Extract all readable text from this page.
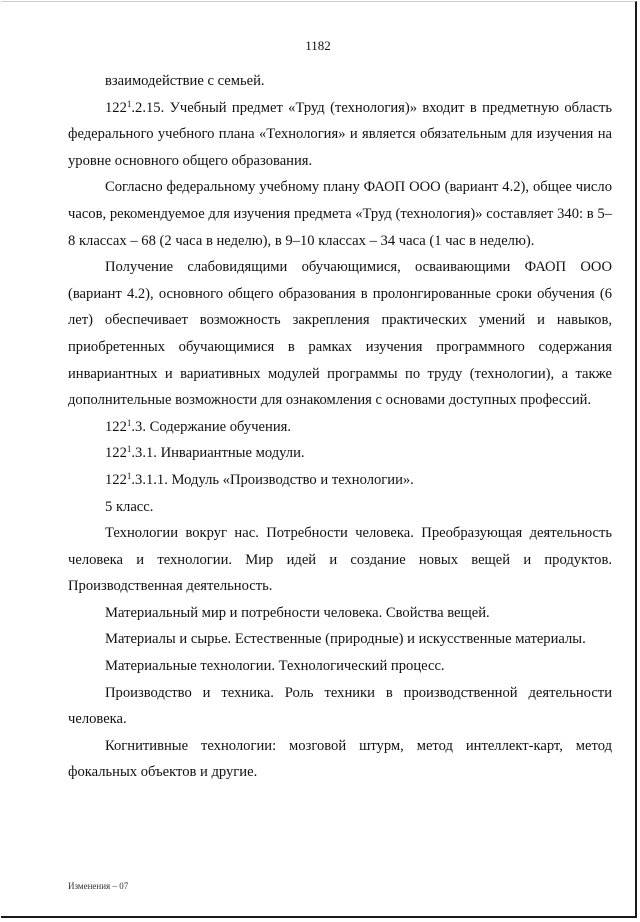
1182

взаимодействие с семьей.

$122^1.2.15$. Учебный предмет «Труд (технология)» входит в предметную область федерального учебного плана «Технология» и является обязательным для изучения на уровне основного общего образования.

Согласно федеральному учебному плану ФАОП ООО (вариант 4.2), общее число часов, рекомендуемое для изучения предмета «Труд (технология)» составляет 340: в 5–8 классах – 68 (2 часа в неделю), в 9–10 классах – 34 часа (1 час в неделю).

Получение слабовидящими обучающимися, осваивающими ФАОП ООО (вариант 4.2), основного общего образования в пролонгированные сроки обучения (6 лет) обеспечивает возможность закрепления практических умений и навыков, приобретенных обучающимися в рамках изучения программного содержания инвариантных и вариативных модулей программы по труду (технологии), а также дополнительные возможности для ознакомления с основами доступных профессий.

$122^1.3$. Содержание обучения.

$122^1.3.1$. Инвариантные модули.

$122^1.3.1.1$. Модуль «Производство и технологии».

5 класс.

Технологии вокруг нас. Потребности человека. Преобразующая деятельность человека и технологии. Мир идей и создание новых вещей и продуктов. Производственная деятельность.

Материальный мир и потребности человека. Свойства вещей.

Материалы и сырье. Естественные (природные) и искусственные материалы.

Материальные технологии. Технологический процесс.

Производство и техника. Роль техники в производственной деятельности человека.

Когнитивные технологии: мозговой штурм, метод интеллект-карт, метод фокальных объектов и другие.

Изменения – 07
